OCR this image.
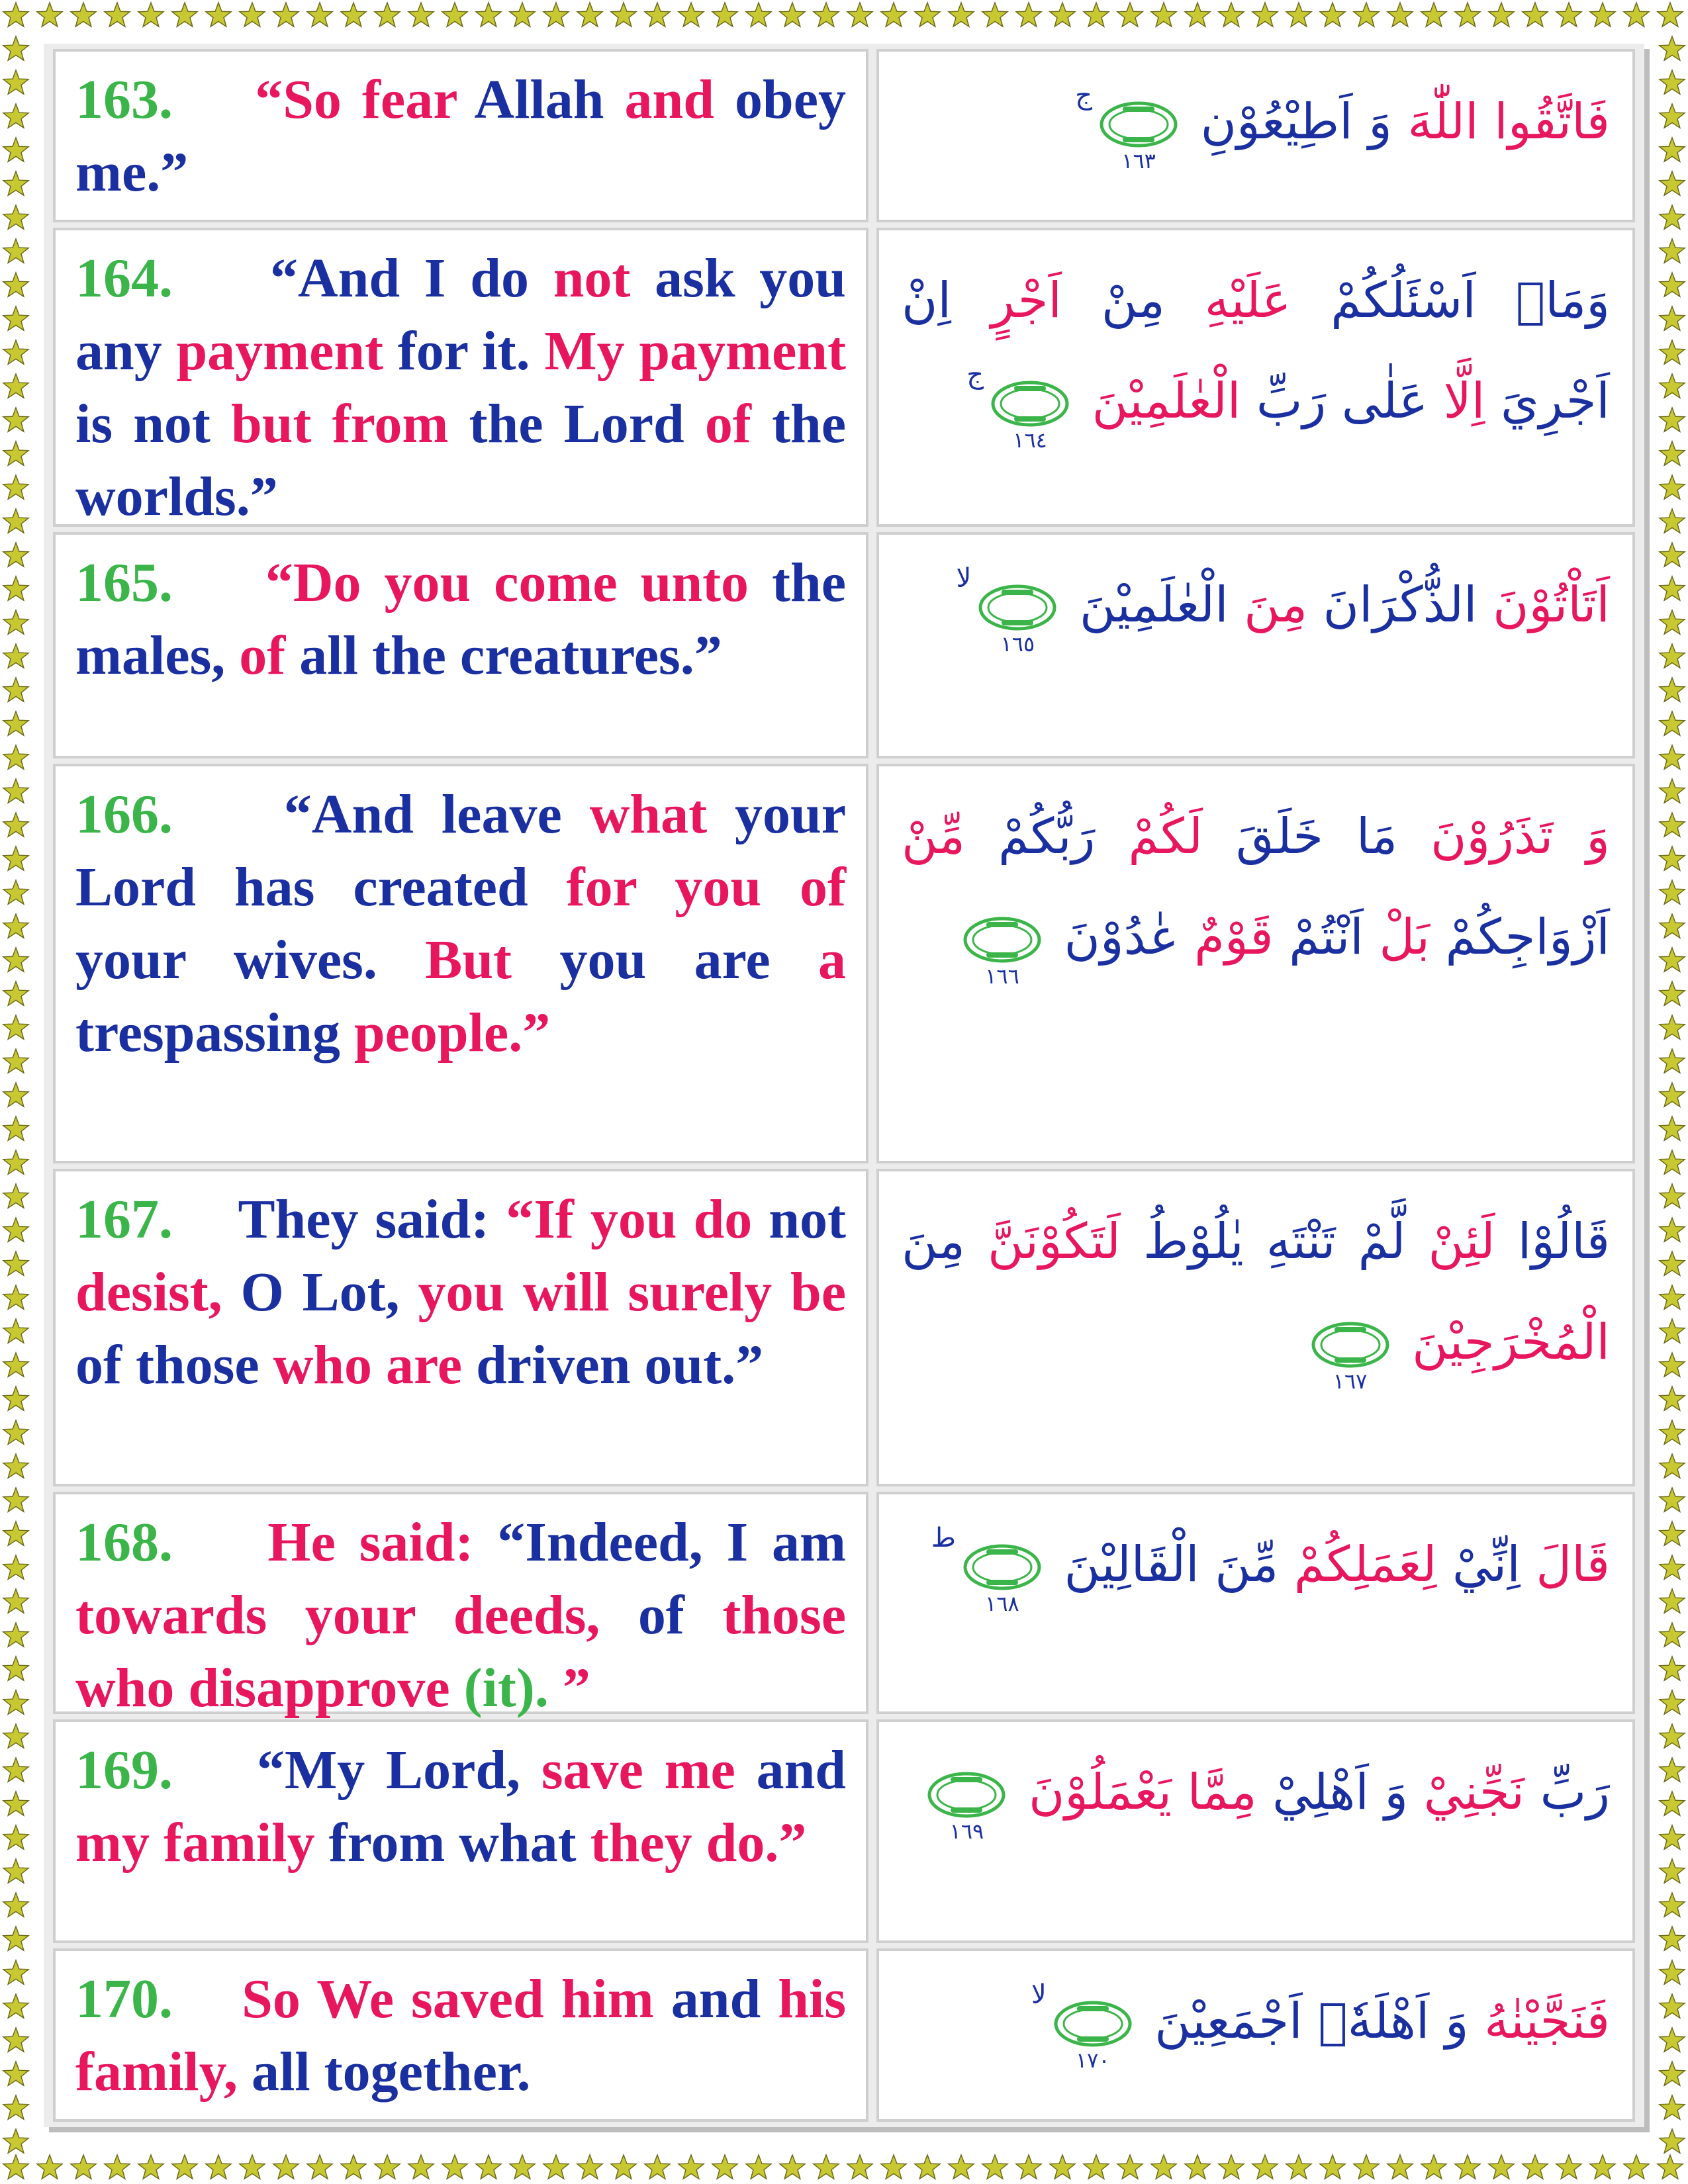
163. “So fear Allah and obey me.”
فَاتَّقُوا اللّٰهَ وَ اَطِيْعُوْنِ
١٦٣
ج
164. “And I do not ask you any payment for it. My payment is not but from the Lord of the worlds.”
وَمَاۤ اَسْئَلُكُمْ عَلَيْهِ مِنْ اَجْرٍ اِنْ اَجْرِيَ اِلَّا عَلٰى رَبِّ الْعٰلَمِيْنَ
١٦٤
ج
165. “Do you come unto the males, of all the creatures.”
اَتَاْتُوْنَ الذُّكْرَانَ مِنَ الْعٰلَمِيْنَ
١٦٥
لا
166. “And leave what your Lord has created for you of your wives. But you are a trespassing people.”
وَ تَذَرُوْنَ مَا خَلَقَ لَكُمْ رَبُّكُمْ مِّنْ اَزْوَاجِكُمْ بَلْ اَنْتُمْ قَوْمٌ عٰدُوْنَ
١٦٦
167. They said: “If you do not desist, O Lot, you will surely be of those who are driven out.”
قَالُوْا لَئِنْ لَّمْ تَنْتَهِ يٰلُوْطُ لَتَكُوْنَنَّ مِنَ الْمُخْرَجِيْنَ
١٦٧
168. He said: “Indeed, I am towards your deeds, of those who disapprove (it). ”
قَالَ اِنِّيْ لِعَمَلِكُمْ مِّنَ الْقَالِيْنَ
١٦٨
ط
169. “My Lord, save me and my family from what they do.”
رَبِّ نَجِّنِيْ وَ اَهْلِيْ مِمَّا يَعْمَلُوْنَ
١٦٩
170. So We saved him and his family, all together.
فَنَجَّيْنٰهُ وَ اَهْلَهٗۤ اَجْمَعِيْنَ
١٧٠
لا
